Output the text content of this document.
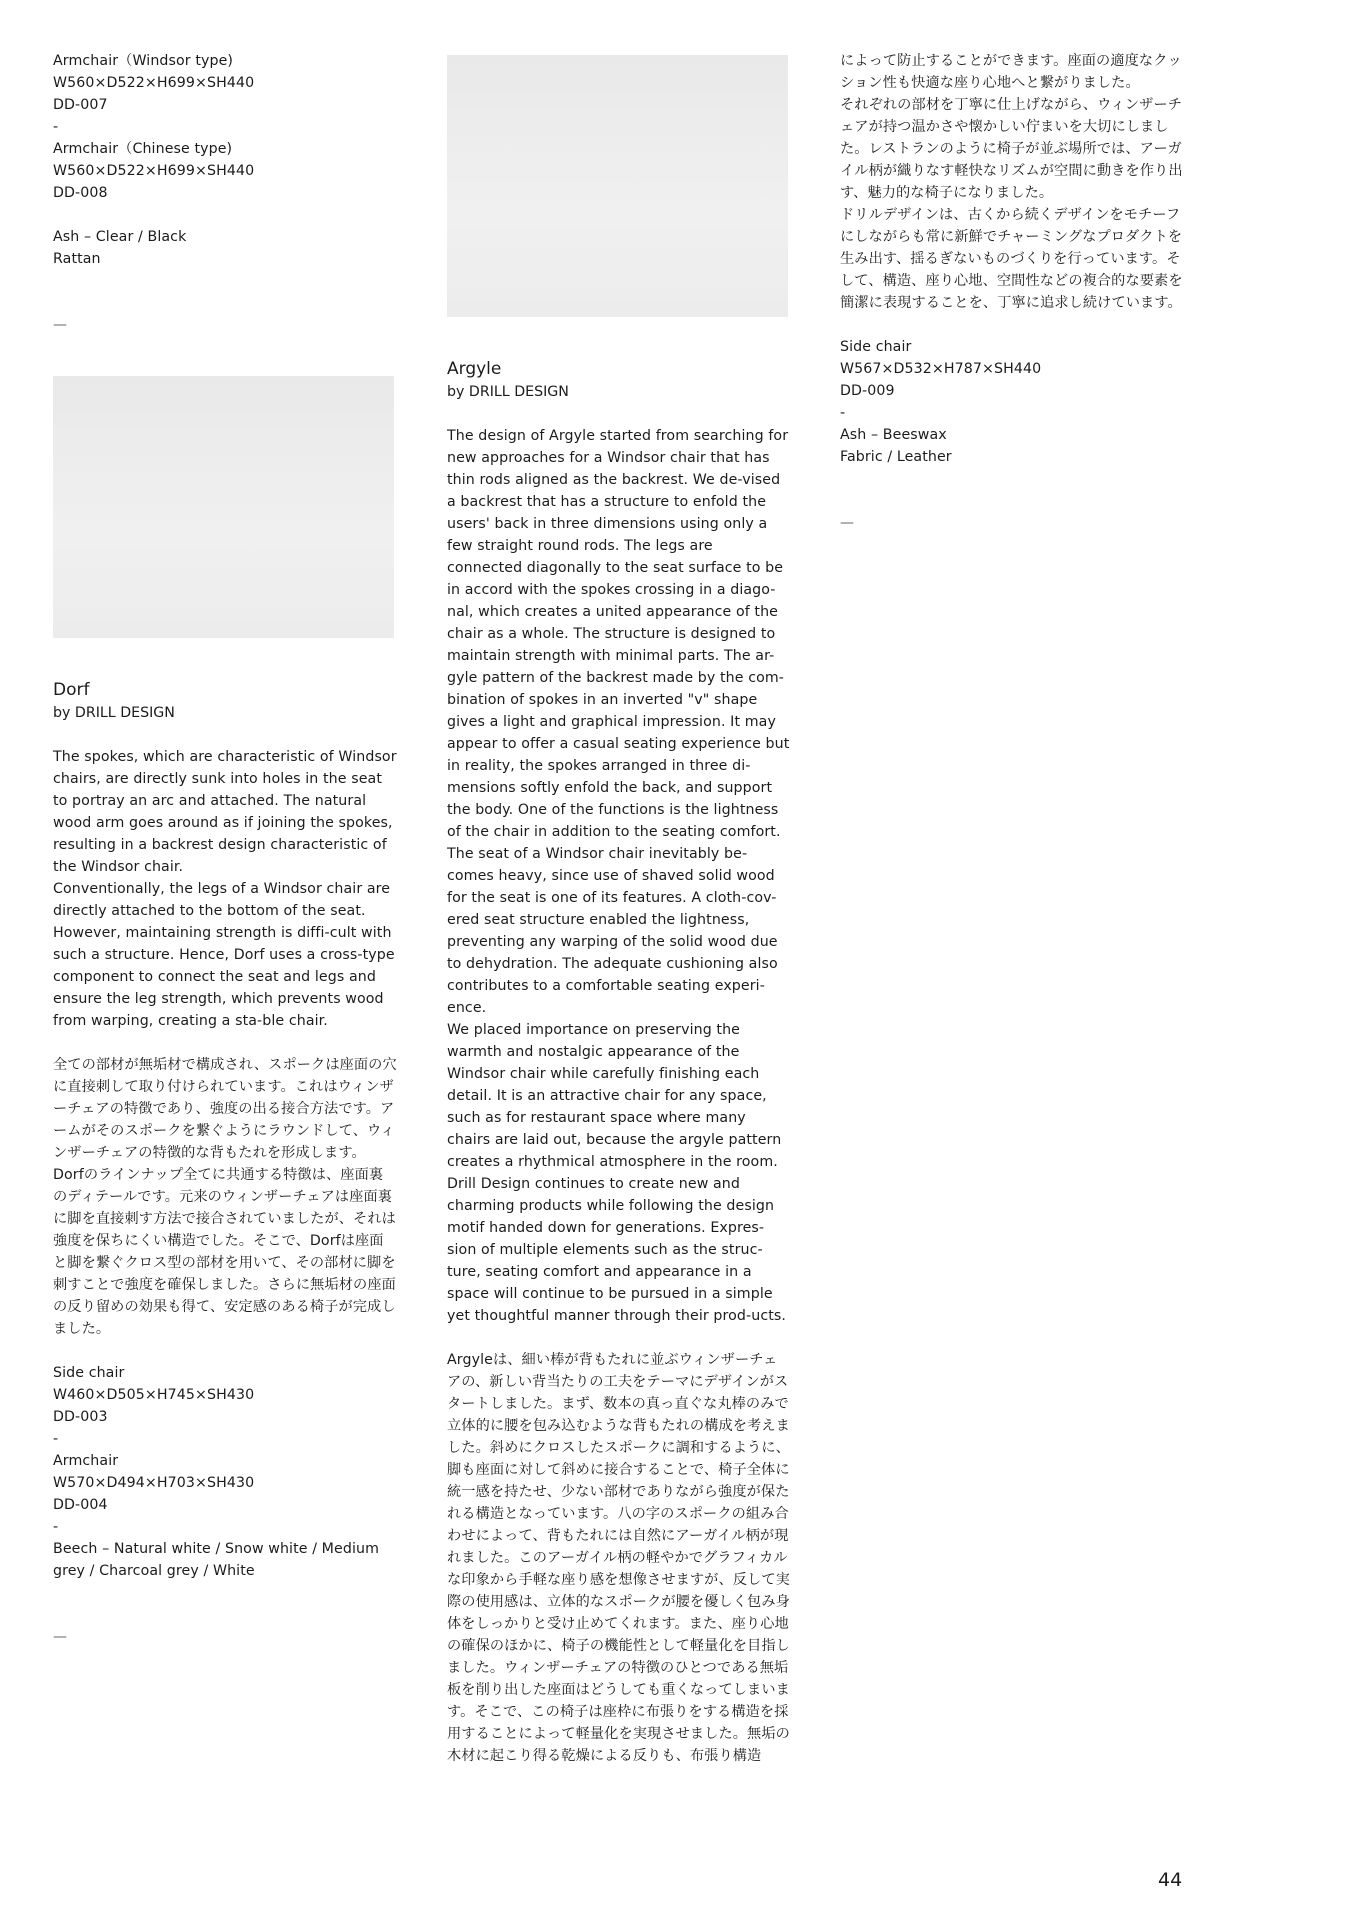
Armchair（Windsor type)
W560×D522×H699×SH440
DD-007
-
Armchair（Chinese type)
W560×D522×H699×SH440
DD-008

Ash – Clear / Black
Rattan
—
Dorf
by DRILL DESIGN
The spokes, which are characteristic of Windsor chairs, are directly sunk into holes in the seat to portray an arc and attached. The natural wood arm goes around as if joining the spokes, resulting in a backrest design characteristic of the Windsor chair.
Conventionally, the legs of a Windsor chair are directly attached to the bottom of the seat. However, maintaining strength is diffi-cult with such a structure. Hence, Dorf uses a cross-type component to connect the seat and legs and ensure the leg strength, which prevents wood from warping, creating a sta-ble chair.
全ての部材が無垢材で構成され、スポークは座面の穴に直接刺して取り付けられています。これはウィンザーチェアの特徴であり、強度の出る接合方法です。アームがそのスポークを繋ぐようにラウンドして、ウィンザーチェアの特徴的な背もたれを形成します。
Dorfのラインナップ全てに共通する特徴は、座面裏のディテールです。元来のウィンザーチェアは座面裏に脚を直接刺す方法で接合されていましたが、それは強度を保ちにくい構造でした。そこで、Dorfは座面と脚を繋ぐクロス型の部材を用いて、その部材に脚を刺すことで強度を確保しました。さらに無垢材の座面の反り留めの効果も得て、安定感のある椅子が完成しました。
Side chair
W460×D505×H745×SH430
DD-003
-
Armchair
W570×D494×H703×SH430
DD-004
-
Beech – Natural white / Snow white / Medium grey / Charcoal grey / White
—
Argyle
by DRILL DESIGN
The design of Argyle started from searching for new approaches for a Windsor chair that has thin rods aligned as the backrest. We de-vised a backrest that has a structure to enfold the users' back in three dimensions using only a few straight round rods. The legs are connected diagonally to the seat surface to be in accord with the spokes crossing in a diago-nal, which creates a united appearance of the chair as a whole. The structure is designed to maintain strength with minimal parts. The ar-gyle pattern of the backrest made by the com-bination of spokes in an inverted "v" shape gives a light and graphical impression. It may appear to offer a casual seating experience but in reality, the spokes arranged in three di-mensions softly enfold the back, and support the body. One of the functions is the lightness of the chair in addition to the seating comfort. The seat of a Windsor chair inevitably be-comes heavy, since use of shaved solid wood for the seat is one of its features. A cloth-cov-ered seat structure enabled the lightness, preventing any warping of the solid wood due to dehydration. The adequate cushioning also contributes to a comfortable seating experi-ence.
We placed importance on preserving the warmth and nostalgic appearance of the Windsor chair while carefully finishing each detail. It is an attractive chair for any space, such as for restaurant space where many chairs are laid out, because the argyle pattern creates a rhythmical atmosphere in the room. Drill Design continues to create new and charming products while following the design motif handed down for generations. Expres-sion of multiple elements such as the struc-ture, seating comfort and appearance in a space will continue to be pursued in a simple yet thoughtful manner through their prod-ucts.
Argyleは、細い棒が背もたれに並ぶウィンザーチェアの、新しい背当たりの工夫をテーマにデザインがスタートしました。まず、数本の真っ直ぐな丸棒のみで立体的に腰を包み込むような背もたれの構成を考えました。斜めにクロスしたスポークに調和するように、脚も座面に対して斜めに接合することで、椅子全体に統一感を持たせ、少ない部材でありながら強度が保たれる構造となっています。八の字のスポークの組み合わせによって、背もたれには自然にアーガイル柄が現れました。このアーガイル柄の軽やかでグラフィカルな印象から手軽な座り感を想像させますが、反して実際の使用感は、立体的なスポークが腰を優しく包み身体をしっかりと受け止めてくれます。また、座り心地の確保のほかに、椅子の機能性として軽量化を目指しました。ウィンザーチェアの特徴のひとつである無垢板を削り出した座面はどうしても重くなってしまいます。そこで、この椅子は座枠に布張りをする構造を採用することによって軽量化を実現させました。無垢の木材に起こり得る乾燥による反りも、布張り構造
によって防止することができます。座面の適度なクッション性も快適な座り心地へと繋がりました。
それぞれの部材を丁寧に仕上げながら、ウィンザーチェアが持つ温かさや懐かしい佇まいを大切にしました。レストランのように椅子が並ぶ場所では、アーガイル柄が織りなす軽快なリズムが空間に動きを作り出す、魅力的な椅子になりました。
ドリルデザインは、古くから続くデザインをモチーフにしながらも常に新鮮でチャーミングなプロダクトを生み出す、揺るぎないものづくりを行っています。そして、構造、座り心地、空間性などの複合的な要素を簡潔に表現することを、丁寧に追求し続けています。
Side chair
W567×D532×H787×SH440
DD-009
-
Ash – Beeswax
Fabric / Leather
—
44
